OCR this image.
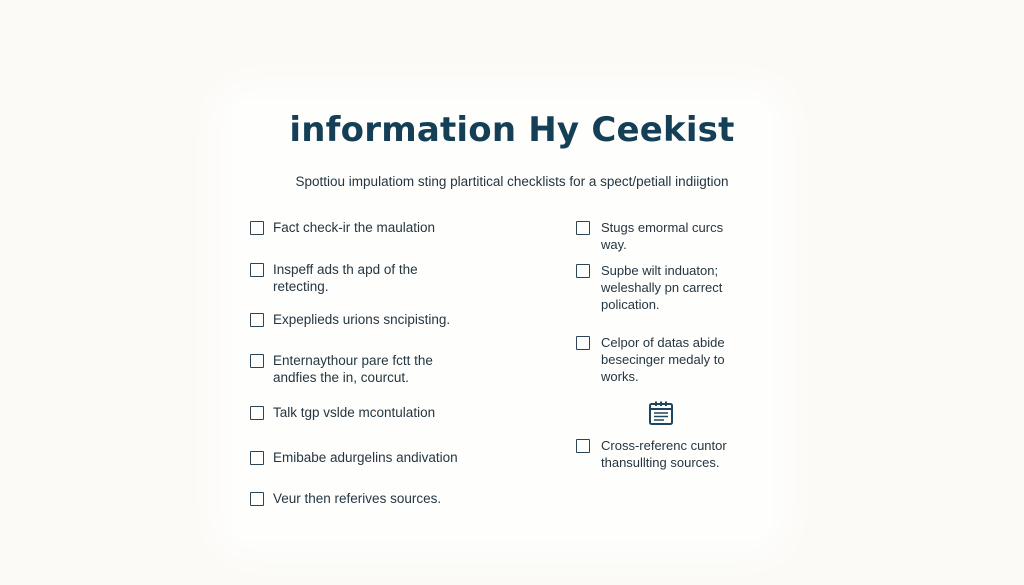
information Hy Ceekist

Spottiou impulatiom sting plartitical checklists for a spect/petiall indiigtion

Fact check-ir the maulation
Inspeff ads th apd of the
retecting.
Expeplieds urions sncipisting.
Enternaythour pare fctt the
andfies the in, courcut.
Talk tgp vslde mcontulation
Emibabe adurgelins andivation
Veur then referives sources.
Stugs emormal curcs
way.
Supbe wilt induaton;
weleshally pn carrect
polication.
Celpor of datas abide
besecinger medaly to
works.
Cross-referenc cuntor
thansullting sources.
